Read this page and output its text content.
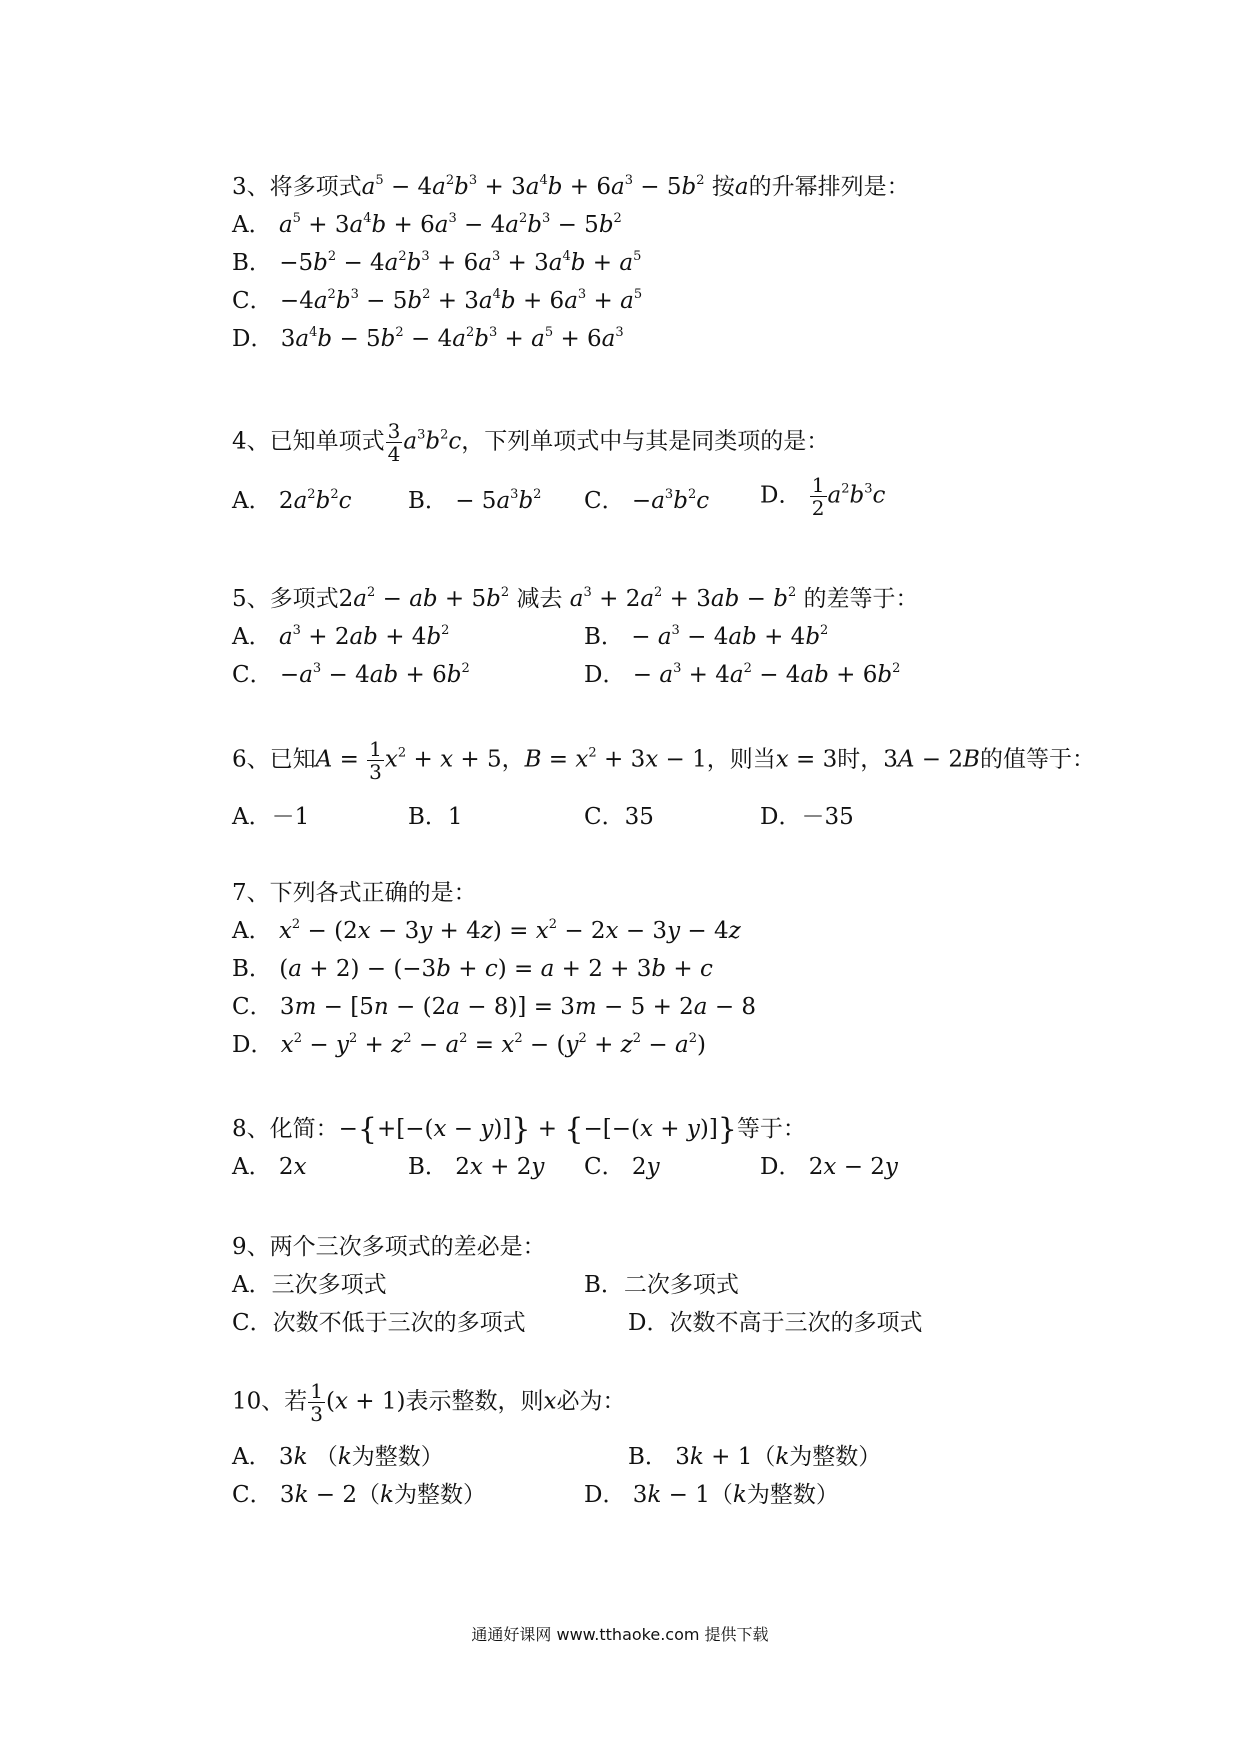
3、将多项式$a^5 - 4a^2b^3 + 3a^4b + 6a^3 - 5b^2$ 按a的升幂排列是：
A． $a^5 + 3a^4b + 6a^3 - 4a^2b^3 - 5b^2$
B． $-5b^2 - 4a^2b^3 + 6a^3 + 3a^4b + a^5$
C． $-4a^2b^3 - 5b^2 + 3a^4b + 6a^3 + a^5$
D． $3a^4b - 5b^2 - 4a^2b^3 + a^5 + 6a^3$
4、已知单项式 $\frac{3}{4} a^3b^2c$，下列单项式中与其是同类项的是：
A． $2a^2b^2c$ B． − $5a^3b^2$ C． $-a^3b^2c$ D． $\frac{1}{2} a^2b^3c$
5、多项式$2a^2$ − ab + $5b^2$ 减去 $a^3 + 2a^2 + 3ab - b^2$ 的差等于：
A． $a^3 + 2ab + 4b^2$	B． − $a^3 - 4ab + 4b^2$
C． $-a^3 - 4ab + 6b^2$	D． − $a^3 + 4a^2 - 4ab + 6b^2$
6、已知$A = \frac{1}{3} x^2 + x + 5$，$B = x^2 + 3x - 1$，则当x = 3时，3A − 2B的值等于：
A．－1	B．1	C．35	D．－35
7、下列各式正确的是：
A． $x^2 - (2x - 3y + 4z) = x^2 - 2x - 3y - 4z$
B． (a + 2) − (−3b + c) = a + 2 + 3b + c
C． 3m − [5n − (2a − 8)] = 3m − 5 + 2a − 8
D． $x^2 - y^2 + z^2 - a^2 = x^2 - (y^2 + z^2 - a^2)$
8、化简：−{+[−(x − y)]} + {−[−(x + y)]}等于：
A． 2x	B． 2x + 2y C． 2y	D． 2x − 2y
9、两个三次多项式的差必是：
A．三次多项式	B．二次多项式
C．次数不低于三次的多项式	D．次数不高于三次的多项式
10、若 $\frac{1}{3} (x + 1)$表示整数，则x必为：
A． 3k （k为整数）	B． 3k + 1（k为整数）
C． 3k − 2（k为整数）	D． 3k − 1（k为整数）
通通好课网 www.tthaoke.com 提供下载
